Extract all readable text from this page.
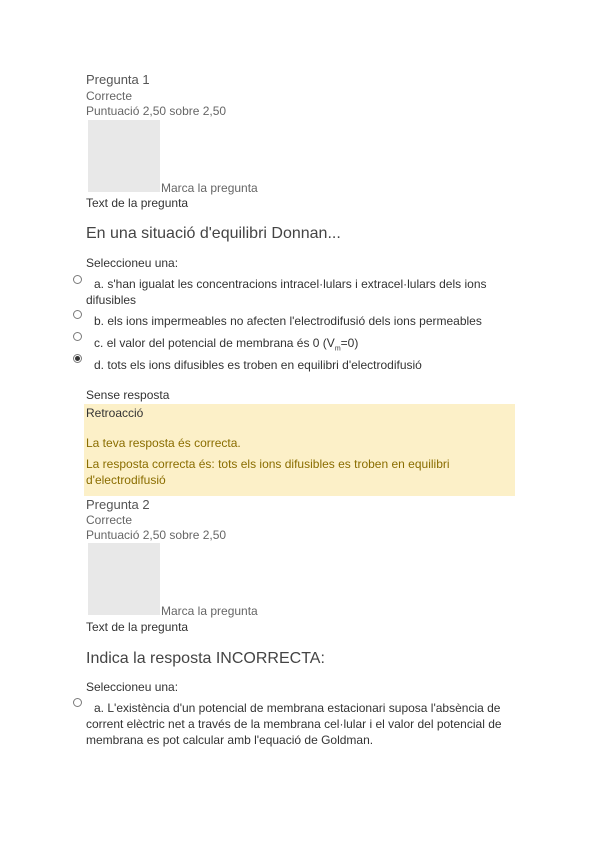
Pregunta 1
Correcte
Puntuació 2,50 sobre 2,50
Marca la pregunta
Text de la pregunta
En una situació d'equilibri Donnan...
Seleccioneu una:
a. s'han igualat les concentracions intracel·lulars i extracel·lulars dels ions difusibles
b. els ions impermeables no afecten l'electrodifusió dels ions permeables
c. el valor del potencial de membrana és 0 $(V_m=0)$
d. tots els ions difusibles es troben en equilibri d'electrodifusió
Sense resposta
Retroacció
La teva resposta és correcta.
La resposta correcta és: tots els ions difusibles es troben en equilibri d'electrodifusió
Pregunta 2
Correcte
Puntuació 2,50 sobre 2,50
Marca la pregunta
Text de la pregunta
Indica la resposta INCORRECTA:
Seleccioneu una:
a. L'existència d'un potencial de membrana estacionari suposa l'absència de corrent elèctric net a través de la membrana cel·lular i el valor del potencial de membrana es pot calcular amb l'equació de Goldman.
